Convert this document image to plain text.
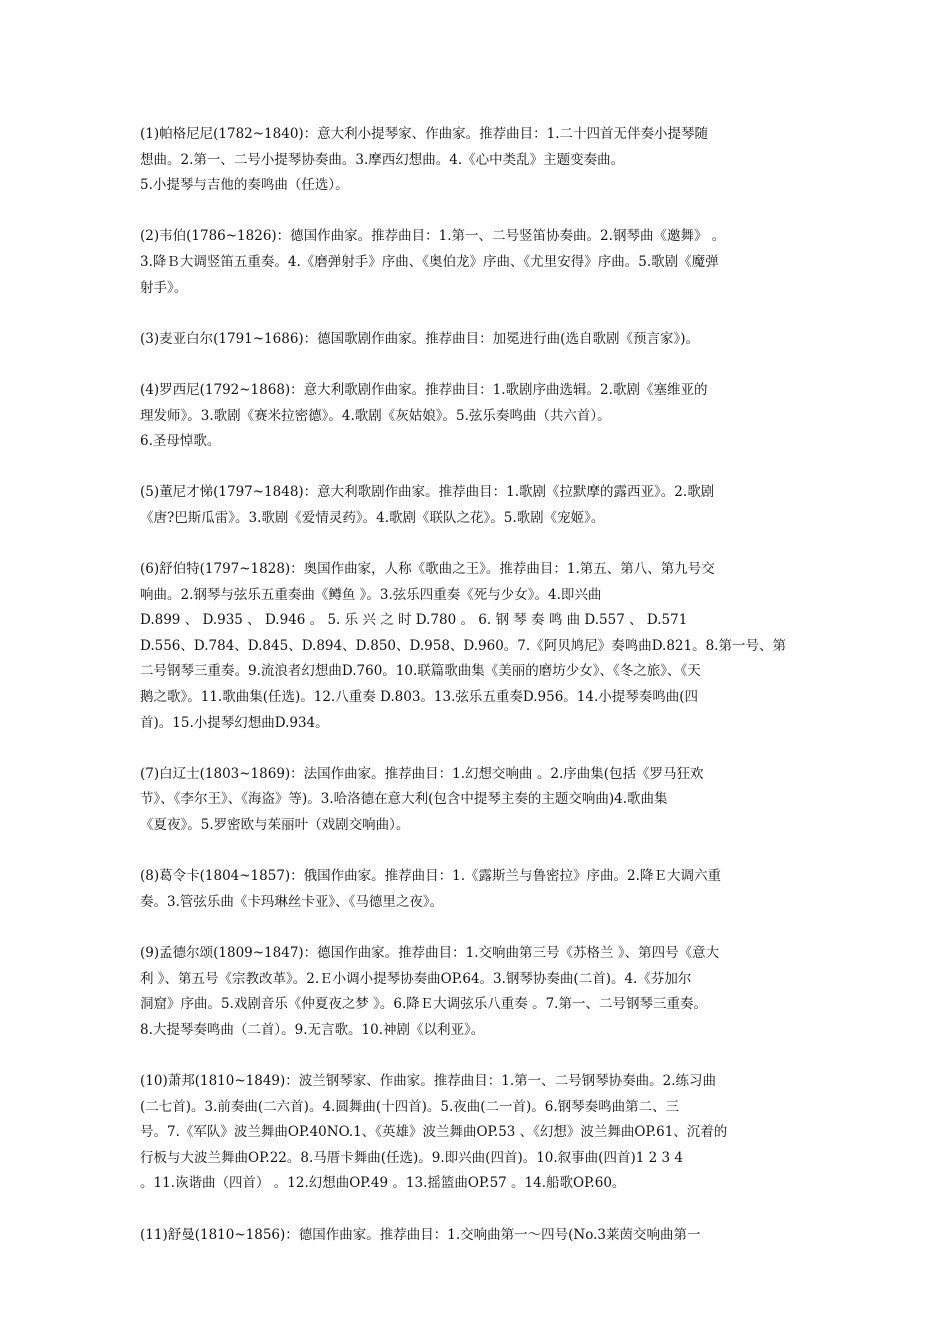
(1)帕格尼尼(1782~1840)：意大利小提琴家、作曲家。推荐曲目：1.二十四首无伴奏小提琴随
想曲。2.第一、二号小提琴协奏曲。3.摩西幻想曲。4.《心中类乱》主题变奏曲。
5.小提琴与吉他的奏鸣曲（任选）。
(2)韦伯(1786~1826)：德国作曲家。推荐曲目：1.第一、二号竖笛协奏曲。2.钢琴曲《邀舞》 。
3.降Ｂ大调竖笛五重奏。4.《磨弹射手》序曲、《奥伯龙》序曲、《尤里安得》序曲。5.歌剧《魔弹
射手》。
(3)麦亚白尔(1791~1686)：德国歌剧作曲家。推荐曲目：加冕进行曲(选自歌剧《预言家》)。
(4)罗西尼(1792~1868)：意大利歌剧作曲家。推荐曲目：1.歌剧序曲选辑。2.歌剧《塞维亚的
理发师》。3.歌剧《赛米拉密德》。4.歌剧《灰姑娘》。5.弦乐奏鸣曲（共六首）。
6.圣母悼歌。
(5)董尼才悌(1797~1848)：意大利歌剧作曲家。推荐曲目：1.歌剧《拉默摩的露西亚》。2.歌剧
《唐?巴斯瓜雷》。3.歌剧《爱情灵药》。4.歌剧《联队之花》。5.歌剧《宠姬》。
(6)舒伯特(1797~1828)：奥国作曲家，人称《歌曲之王》。推荐曲目：1.第五、第八、第九号交
响曲。2.钢琴与弦乐五重奏曲《鳟鱼 》。3.弦乐四重奏《死与少女》。4.即兴曲
D.899 、 D.935 、 D.946 。 5. 乐 兴 之 时 D.780 。 6. 钢 琴 奏 鸣 曲 D.557 、 D.571
D.556、D.784、D.845、D.894、D.850、D.958、D.960。7.《阿贝鸠尼》奏鸣曲D.821。8.第一号、第
二号钢琴三重奏。9.流浪者幻想曲D.760。10.联篇歌曲集《美丽的磨坊少女》、《冬之旅》、《天
鹅之歌》。11.歌曲集(任选)。12.八重奏 D.803。13.弦乐五重奏D.956。14.小提琴奏鸣曲(四
首)。15.小提琴幻想曲D.934。
(7)白辽士(1803~1869)：法国作曲家。推荐曲目：1.幻想交响曲 。2.序曲集(包括《罗马狂欢
节》、《李尔王》、《海盗》等)。3.哈洛德在意大利(包含中提琴主奏的主题交响曲)4.歌曲集
《夏夜》。5.罗密欧与茱丽叶（戏剧交响曲）。
(8)葛令卡(1804~1857)：俄国作曲家。推荐曲目：1.《露斯兰与鲁密拉》序曲。2.降Ｅ大调六重
奏。3.管弦乐曲《卡玛琳丝卡亚》、《马德里之夜》。
(9)孟德尔颂(1809~1847)：德国作曲家。推荐曲目：1.交响曲第三号《苏格兰 》、第四号《意大
利 》、第五号《宗教改革》。2.Ｅ小调小提琴协奏曲OP.64。3.钢琴协奏曲(二首)。4.《芬加尔
洞窟》序曲。5.戏剧音乐《仲夏夜之梦 》。6.降Ｅ大调弦乐八重奏 。7.第一、二号钢琴三重奏。
8.大提琴奏鸣曲（二首）。9.无言歌。10.神剧《以利亚》。
(10)萧邦(1810~1849)：波兰钢琴家、作曲家。推荐曲目：1.第一、二号钢琴协奏曲。2.练习曲
(二七首)。3.前奏曲(二六首)。4.圆舞曲(十四首)。5.夜曲(二一首)。6.钢琴奏鸣曲第二、三
号。7.《军队》波兰舞曲OP.40NO.1、《英雄》波兰舞曲OP.53 、《幻想》波兰舞曲OP.61、沉着的
行板与大波兰舞曲OP.22。8.马厝卡舞曲(任选)。9.即兴曲(四首)。10.叙事曲(四首)1 2 3 4
。11.诙谐曲（四首） 。12.幻想曲OP.49 。13.摇篮曲OP.57 。14.船歌OP.60。
(11)舒曼(1810~1856)：德国作曲家。推荐曲目：1.交响曲第一～四号(No.3莱茵交响曲第一
